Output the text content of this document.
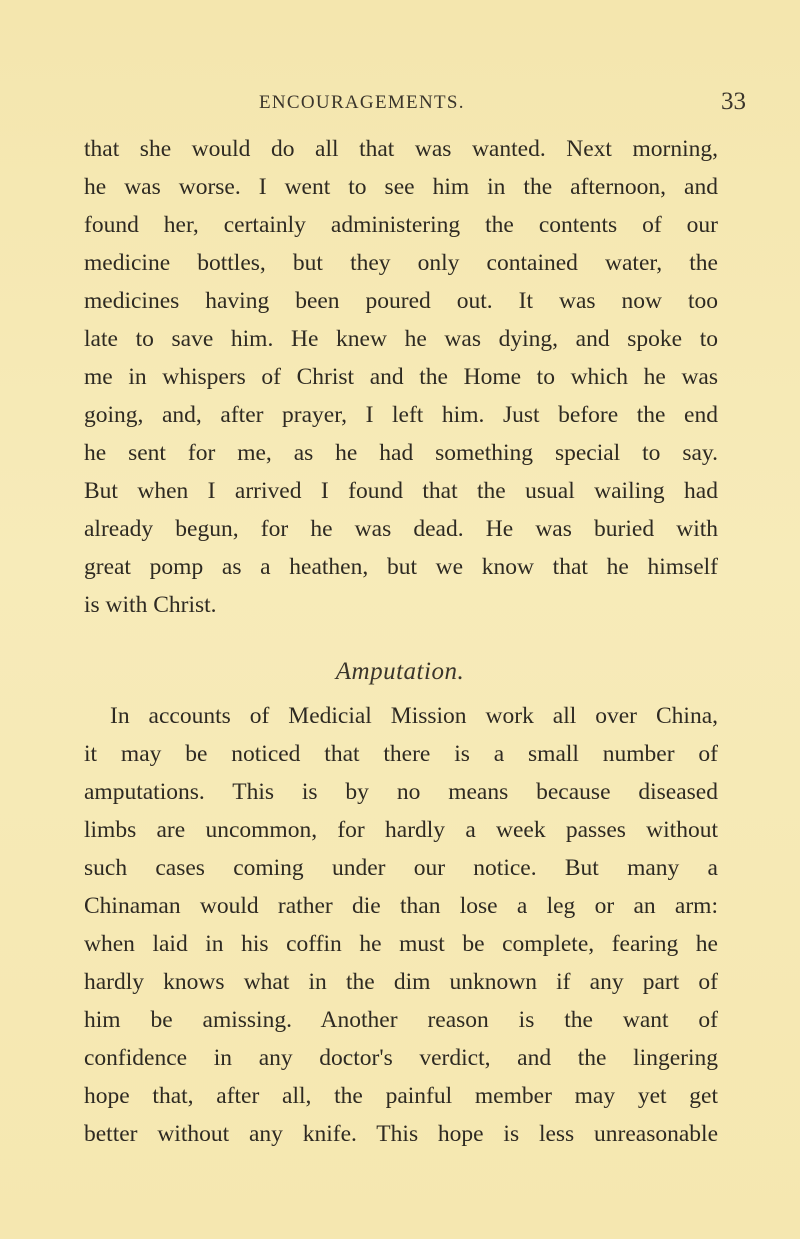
ENCOURAGEMENTS.	33
that she would do all that was wanted. Next morning,
he was worse. I went to see him in the afternoon, and
found her, certainly administering the contents of our
medicine bottles, but they only contained water, the
medicines having been poured out. It was now too
late to save him. He knew he was dying, and spoke to
me in whispers of Christ and the Home to which he was
going, and, after prayer, I left him. Just before the end
he sent for me, as he had something special to say.
But when I arrived I found that the usual wailing had
already begun, for he was dead. He was buried with
great pomp as a heathen, but we know that he himself
is with Christ.
Amputation.
In accounts of Medicial Mission work all over China,
it may be noticed that there is a small number of
amputations. This is by no means because diseased
limbs are uncommon, for hardly a week passes without
such cases coming under our notice. But many a
Chinaman would rather die than lose a leg or an arm:
when laid in his coffin he must be complete, fearing he
hardly knows what in the dim unknown if any part of
him be amissing. Another reason is the want of
confidence in any doctor's verdict, and the lingering
hope that, after all, the painful member may yet get
better without any knife. This hope is less unreasonable
